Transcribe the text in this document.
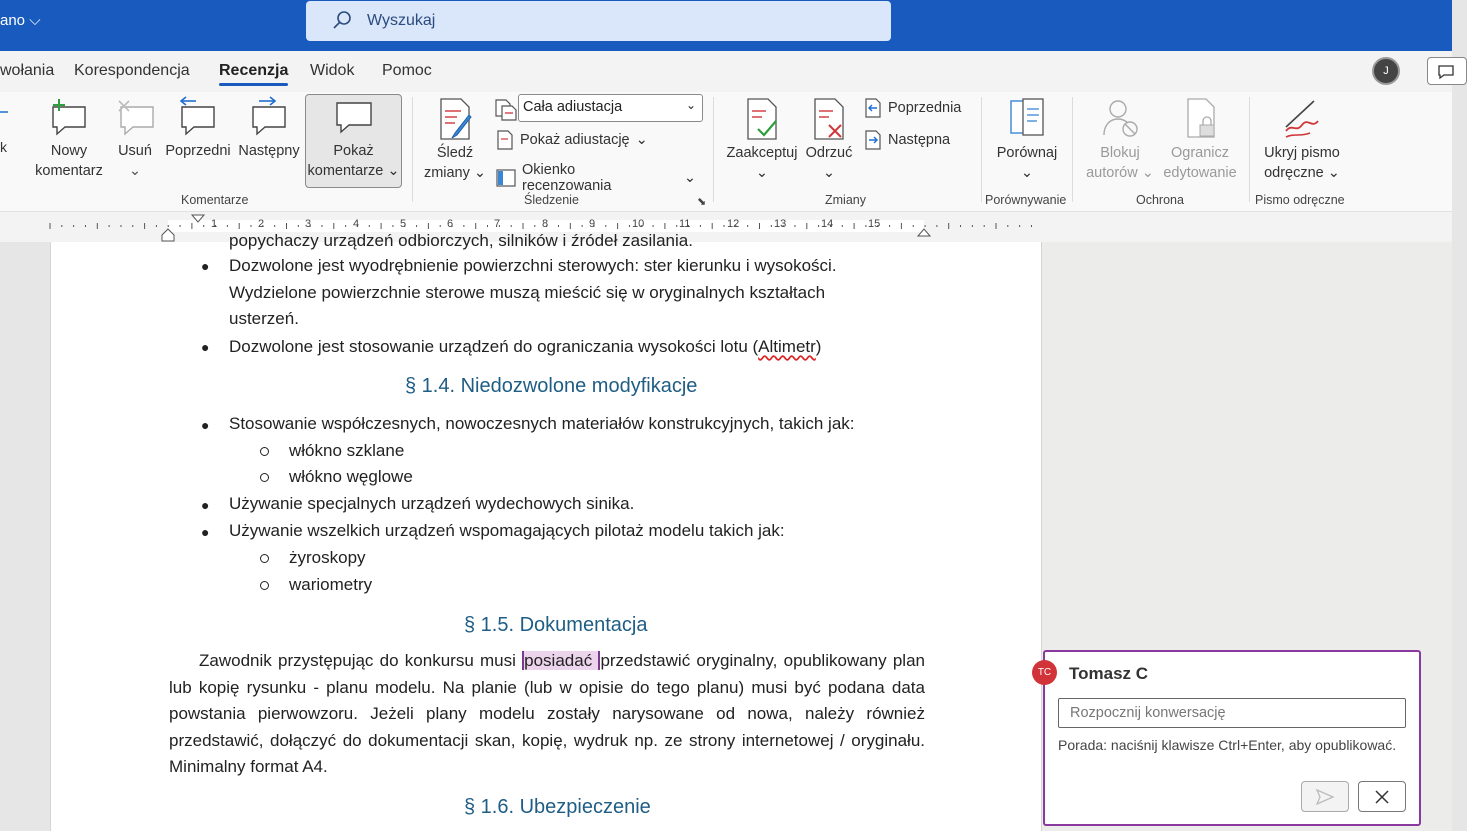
ano ⌵	Wyszukaj
wołania Korespondencja Recenzja Widok Pomoc	J
k	Nowy
komentarz
Usuń
⌄
Poprzedni Następny	Pokaż
komentarze ⌄
Komentarze
Śledź
zmiany ⌄
Cała adiustacja	⌄
Pokaż adiustację ⌄
Okienko recenzowania	⌄
Śledzenie	⬊
Zaakceptuj
⌄
Odrzuć
⌄
Poprzednia
Następna
Zmiany
Porównaj
⌄
Porównywanie
Blokuj
autorów ⌄
Ogranicz
edytowanie
Ochrona
Ukryj pismo
odręczne ⌄
Pismo odręczne
1	2	3	4	5	6	7	8	9	10	11	12	13	14	15
popychaczy urządzeń odbiorczych, silników i źródeł zasilania.
● Dozwolone jest wyodrębnienie powierzchni sterowych: ster kierunku i wysokości.
Wydzielone powierzchnie sterowe muszą mieścić się w oryginalnych kształtach
usterzeń.
● Dozwolone jest stosowanie urządzeń do ograniczania wysokości lotu (Altimetr)
§ 1.4. Niedozwolone modyfikacje
● Stosowanie współczesnych, nowoczesnych materiałów konstrukcyjnych, takich jak:
włókno szklane
włókno węglowe
● Używanie specjalnych urządzeń wydechowych sinika.
● Używanie wszelkich urządzeń wspomagających pilotaż modelu takich jak:
żyroskopy
wariometry
§ 1.5. Dokumentacja
Zawodnik przystępując do konkursu musi posiadać przedstawić oryginalny, opublikowany plan lub kopię rysunku - planu modelu. Na planie (lub w opisie do tego planu) musi być podana data powstania pierwowzoru. Jeżeli plany modelu zostały narysowane od nowa, należy również przedstawić, dołączyć do dokumentacji skan, kopię, wydruk np. ze strony internetowej / oryginału. Minimalny format A4.
§ 1.6. Ubezpieczenie
TC	Tomasz C
Rozpocznij konwersację
Porada: naciśnij klawisze Ctrl+Enter, aby opublikować.
